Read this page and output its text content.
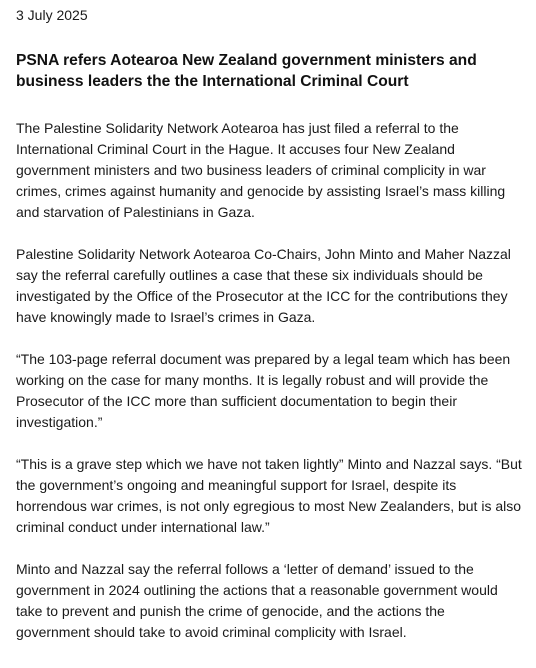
3 July 2025
PSNA refers Aotearoa New Zealand government ministers and business leaders the the International Criminal Court

The Palestine Solidarity Network Aotearoa has just filed a referral to the International Criminal Court in the Hague. It accuses four New Zealand government ministers and two business leaders of criminal complicity in war crimes, crimes against humanity and genocide by assisting Israel’s mass killing and starvation of Palestinians in Gaza.

Palestine Solidarity Network Aotearoa Co-Chairs, John Minto and Maher Nazzal say the referral carefully outlines a case that these six individuals should be investigated by the Office of the Prosecutor at the ICC for the contributions they have knowingly made to Israel’s crimes in Gaza.

“The 103-page referral document was prepared by a legal team which has been working on the case for many months. It is legally robust and will provide the Prosecutor of the ICC more than sufficient documentation to begin their investigation.”

“This is a grave step which we have not taken lightly” Minto and Nazzal says. “But the government’s ongoing and meaningful support for Israel, despite its horrendous war crimes, is not only egregious to most New Zealanders, but is also criminal conduct under international law.”

Minto and Nazzal say the referral follows a ‘letter of demand’ issued to the government in 2024 outlining the actions that a reasonable government would take to prevent and punish the crime of genocide, and the actions the government should take to avoid criminal complicity with Israel.
